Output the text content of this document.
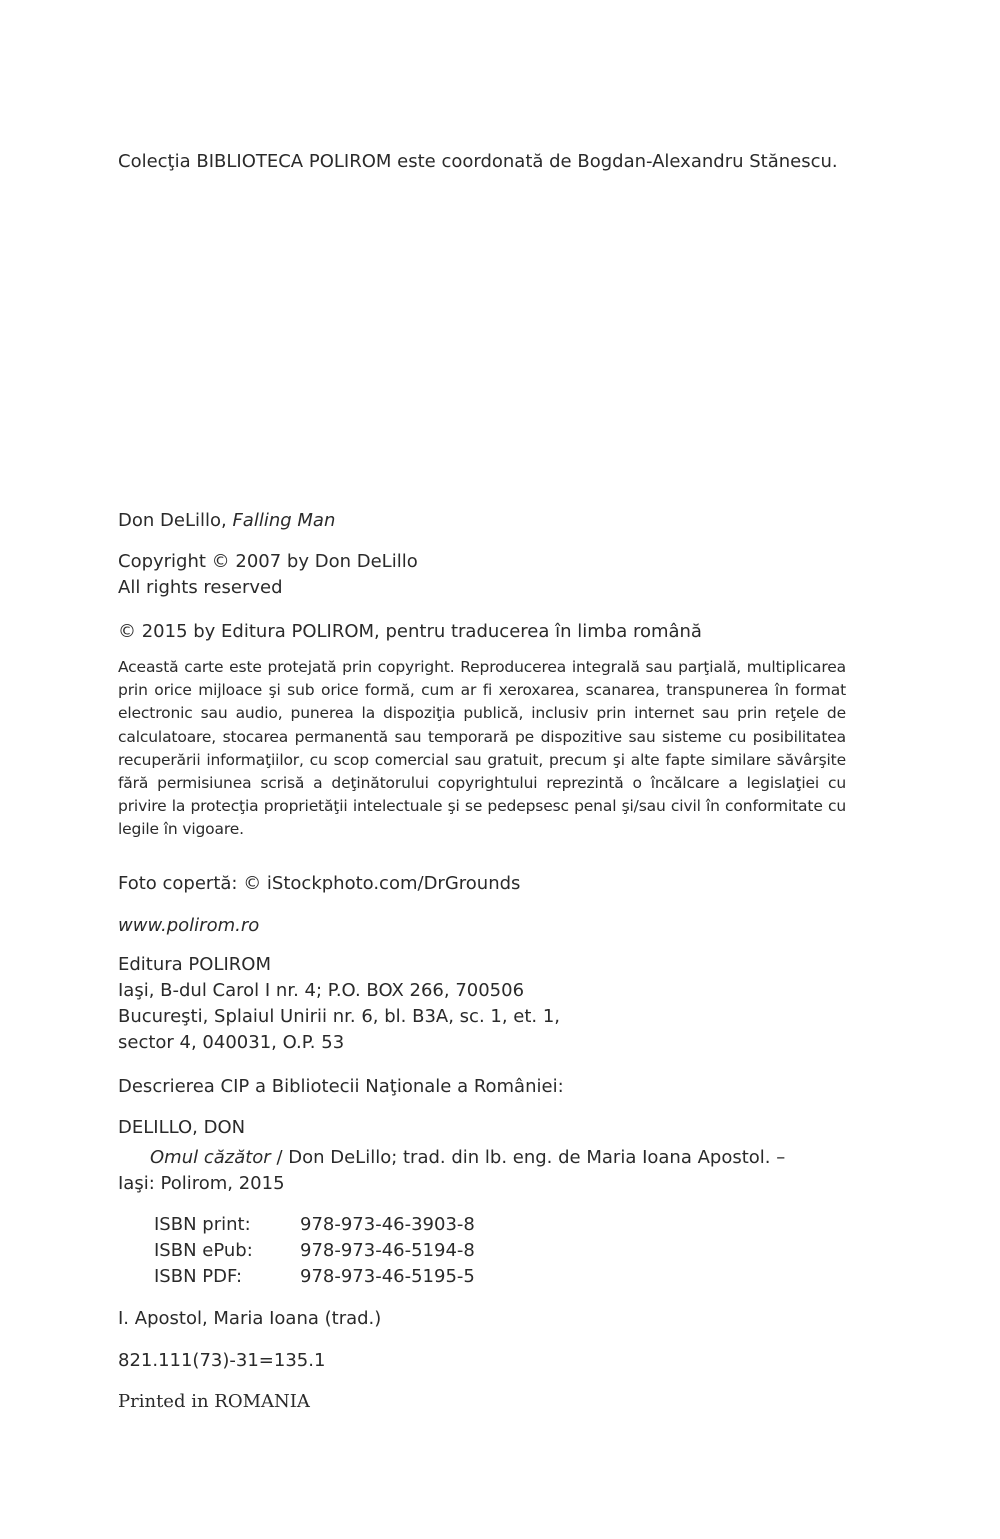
Colecţia BIBLIOTECA POLIROM este coordonată de Bogdan-Alexandru Stănescu.
Don DeLillo, Falling Man

Copyright © 2007 by Don DeLillo

All rights reserved

© 2015 by Editura POLIROM, pentru traducerea în limba română
Această carte este protejată prin copyright. Reproducerea integrală sau parţială, multiplicarea prin orice mijloace şi sub orice formă, cum ar fi xeroxarea, scanarea, transpunerea în format electronic sau audio, punerea la dispoziţia publică, inclusiv prin internet sau prin reţele de calculatoare, stocarea permanentă sau temporară pe dispozitive sau sisteme cu posibilitatea recuperării informaţiilor, cu scop comercial sau gratuit, precum şi alte fapte similare săvârşite fără permisiunea scrisă a deţinătorului copyrightului reprezintă o încălcare a legislaţiei cu privire la protecţia proprietăţii intelectuale şi se pedepsesc penal şi/sau civil în conformitate cu legile în vigoare.
Foto copertă: © iStockphoto.com/DrGrounds
www.polirom.ro

Editura POLIROM

Iaşi, B-dul Carol I nr. 4; P.O. BOX 266, 700506

Bucureşti, Splaiul Unirii nr. 6, bl. B3A, sc. 1, et. 1,

sector 4, 040031, O.P. 53

Descrierea CIP a Bibliotecii Naţionale a României:
DELILLO, DON

Omul căzător / Don DeLillo; trad. din lb. eng. de Maria Ioana Apostol. –

Iaşi: Polirom, 2015

ISBN print:	978-973-46-3903-8
ISBN ePub:	978-973-46-5194-8
ISBN PDF:	978-973-46-5195-5
I. Apostol, Maria Ioana (trad.)
821.111(73)-31=135.1
Printed in ROMANIA
